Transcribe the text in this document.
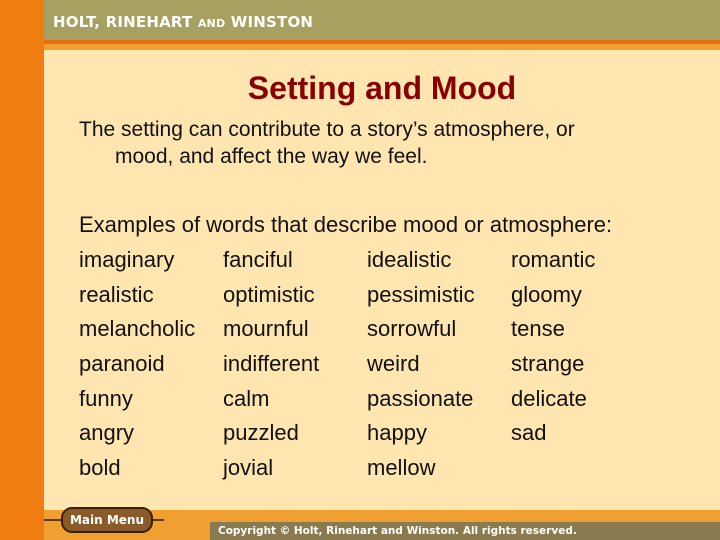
HOLT, RINEHART AND WINSTON
Setting and Mood
The setting can contribute to a story’s atmosphere, or
mood, and affect the way we feel.
Examples of words that describe mood or atmosphere:
imaginary	fanciful	idealistic	romantic
realistic	optimistic	pessimistic	gloomy
melancholic	mournful	sorrowful	tense
paranoid	indifferent	weird	strange
funny	calm	passionate	delicate
angry	puzzled	happy	sad
bold	jovial	mellow
Main Menu
Copyright © Holt, Rinehart and Winston. All rights reserved.
